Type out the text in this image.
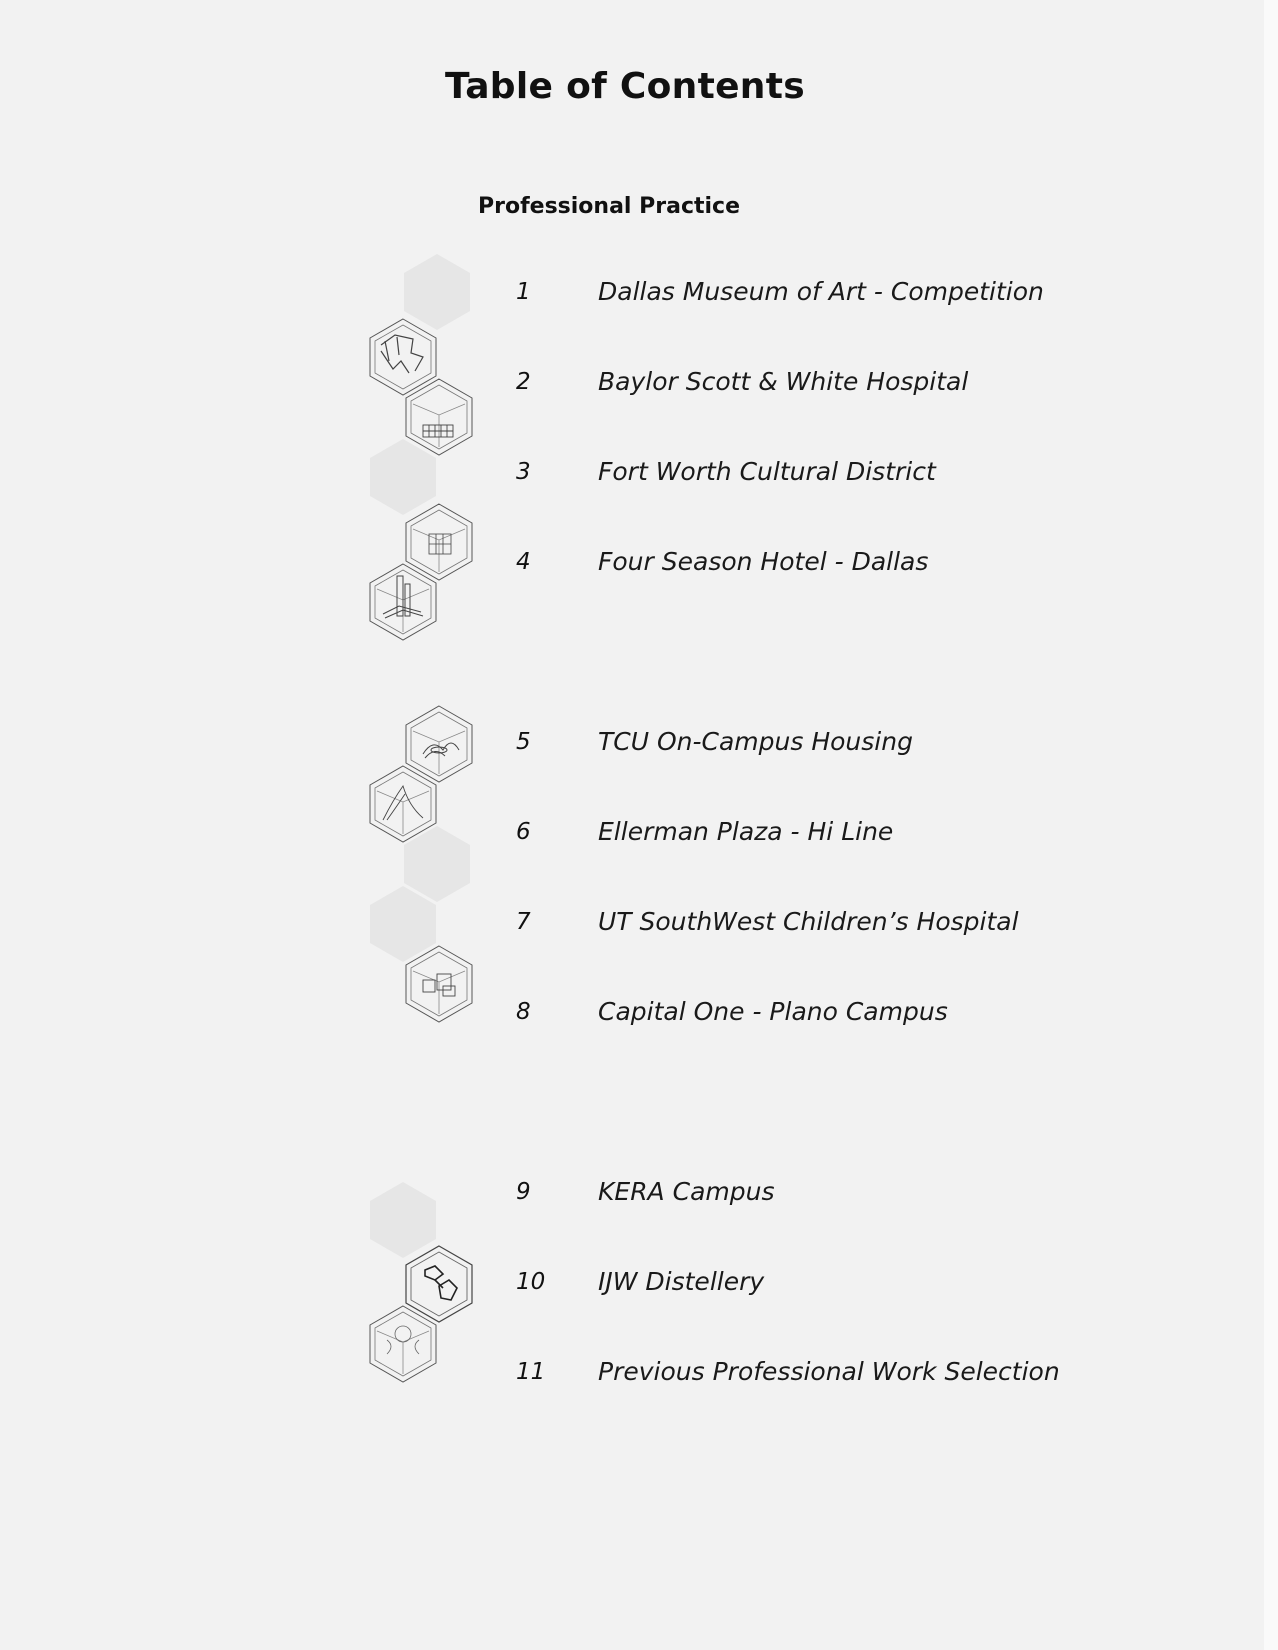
Table of Contents
Professional Practice
1	Dallas Museum of Art - Competition
2	Baylor Scott & White Hospital
3	Fort Worth Cultural District
4	Four Season Hotel - Dallas
5	TCU On-Campus Housing
6	Ellerman Plaza - Hi Line
7	UT SouthWest Children’s Hospital
8	Capital One - Plano Campus
9	KERA Campus
10	IJW Distellery
11	Previous Professional Work Selection
